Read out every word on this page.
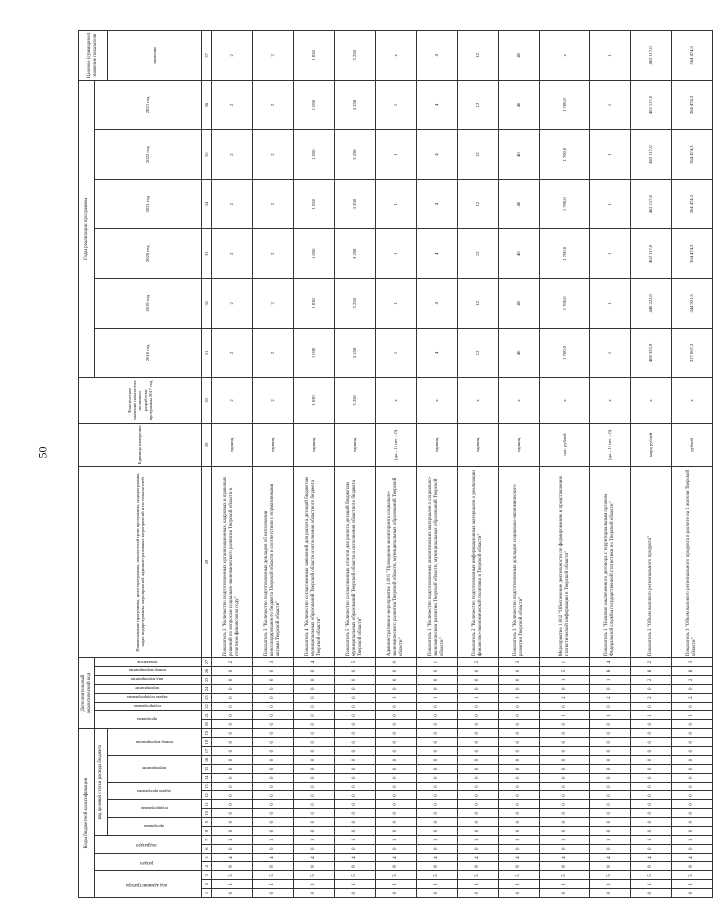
50
Коды бюджетной классификации																			Дополнительный аналитический код								Наименование программы, цели программы, показателей цели программы, подпрограммы, задач подпрограммы, мероприятий, административных мероприятий и их показателей	Единица измерения	Фактическое значение показателя на момент разработки программы 2017 год	Годы реализации программы						Целевое (суммарное) значение показателя
код администратора			раздел		подраздел		код целевой статьи расхода бюджета												программа		подпрограмма	задача подпрограммы	мероприятие	вид мероприятия	номер мероприятия	показатель				2018 год	2019 год	2020 год	2021 год	2022 год	2023 год	
							программа		подпрограмма		задача программы		мероприятие			номер мероприятия																				значение
1	2	3	4	5	6	7	8	9	10	11	12	13	14	15	16	17	18	19	20	21	22	23	24	25	26	27	28	29	30	31	32	33	34	35	36	37
0	1	5	8	4	0	1	0	0	0	0	0	0	0	0	0	0	0	0	0	0	0	0	0	0	0	2	Показатель 2 "Количество подготовленных организационных, кадровых и правовых решений по вопросам социально-экономического развития Тверской области в отчетном финансовом году"	единиц	2	2	2	2	2	2	2	2
0	1	5	8	4	0	1	0	0	0	0	0	0	0	0	0	0	0	0	0	0	0	0	0	0	0	3	Показатель 3 "Количество подготовленных докладов об исполнении консолидированного бюджета Тверской области в соответствии с нормативными актами Тверской области"	единиц	2	2	2	2	2	2	2	2
0	1	5	8	4	0	1	0	0	0	0	0	0	0	0	0	0	0	0	0	0	0	0	0	0	0	4	Показатель 4 "Количество согласованных заявлений для расчета дотаций бюджетам муниципальных образований Тверской области и исполнения областного бюджета Тверской области"	единиц	1 030	1 030	1 030	1 050	1 050	1 050	1 050	1 050
0	1	5	8	4	0	1	0	0	0	0	0	0	0	0	0	0	0	0	0	0	0	0	0	0	0	5	Показатель 5 "Количество согласованных отчетов для расчета дотаций бюджетам муниципальных образований Тверской области и исполнения областного бюджета Тверской области"	единиц	3 258	3 258	3 258	3 258	3 258	3 258	3 258	3 258
0	1	5	8	4	0	1	0	0	0	0	0	0	0	0	0	0	0	0	0	0	0	1	0	0	0	0	Административное мероприятие 1.001 "Проведение мониторинга социально-экономического развития Тверской области, муниципальных образований Тверской области"	(да – 1/ нет – 0)	х	1	1	1	1	1	1	х
0	1	5	8	4	0	1	0	0	0	0	0	0	0	0	0	0	0	0	0	0	0	1	0	0	0	1	Показатель 1 "Количество подготовленных аналитических материалов о социально-экономическом развитии Тверской области, муниципальных образований Тверской области"	единиц	х	4	4	4	4	4	4	4
0	1	5	8	4	0	1	0	0	0	0	0	0	0	0	0	0	0	0	0	0	0	1	0	0	0	2	Показатель 2 "Количество подготовленных информационных материалов о реализации финансово-экономической политики в Тверской области"	единиц	х	12	12	12	12	12	12	12
0	1	5	8	4	0	1	0	0	0	0	0	0	0	0	0	0	0	0	0	0	0	1	0	0	0	3	Показатель 3 "Количество подготовленных докладов социально-экономического развития Тверской области"	единиц	х	40	40	40	40	40	40	40
0	1	5	8	4	0	1	0	0	0	0	0	0	0	0	0	0	0	0	0	1	0	2	0	1	5	1	Мероприятие 1.002 "Обеспечение деятельности по формированию и представлению статистической информации в Тверской области"	тыс. рублей	х	1 700,0	1 700,0	1 700,0	1 700,0	1 700,0	1 700,0	х
0	1	5	8	4	0	1	0	0	0	0	0	0	0	0	0	0	0	0	0	1	0	2	0	1	6	4	Показатель 1 "Наличие заключенного договора с территориальным органом Федеральной службы государственной статистики по Тверской области"	(да – 1/ нет – 0)	х	1	1	1	1	1	1	1
0	1	5	8	4	0	1	0	0	0	0	0	0	0	0	0	0	0	0	0	1	0	2	0	2	6	2	Показатель 2 "Объем валового регионального продукта"	млрд рублей	х	408 353,9	440 222,0	462 117,0	462 117,0	462 117,0	462 117,0	462 117,0
0	1	5	8	4	0	1	0	0	0	0	0	0	0	0	0	0	0	0	0	1	0	2	0	2	6	3	Показатель 3 "Объем валового регионального продукта в расчете на 1 жителя Тверской области"	рублей	х	317 067,2	344 921,5	364 474,3	364 474,3	364 474,3	364 474,3	364 474,3
